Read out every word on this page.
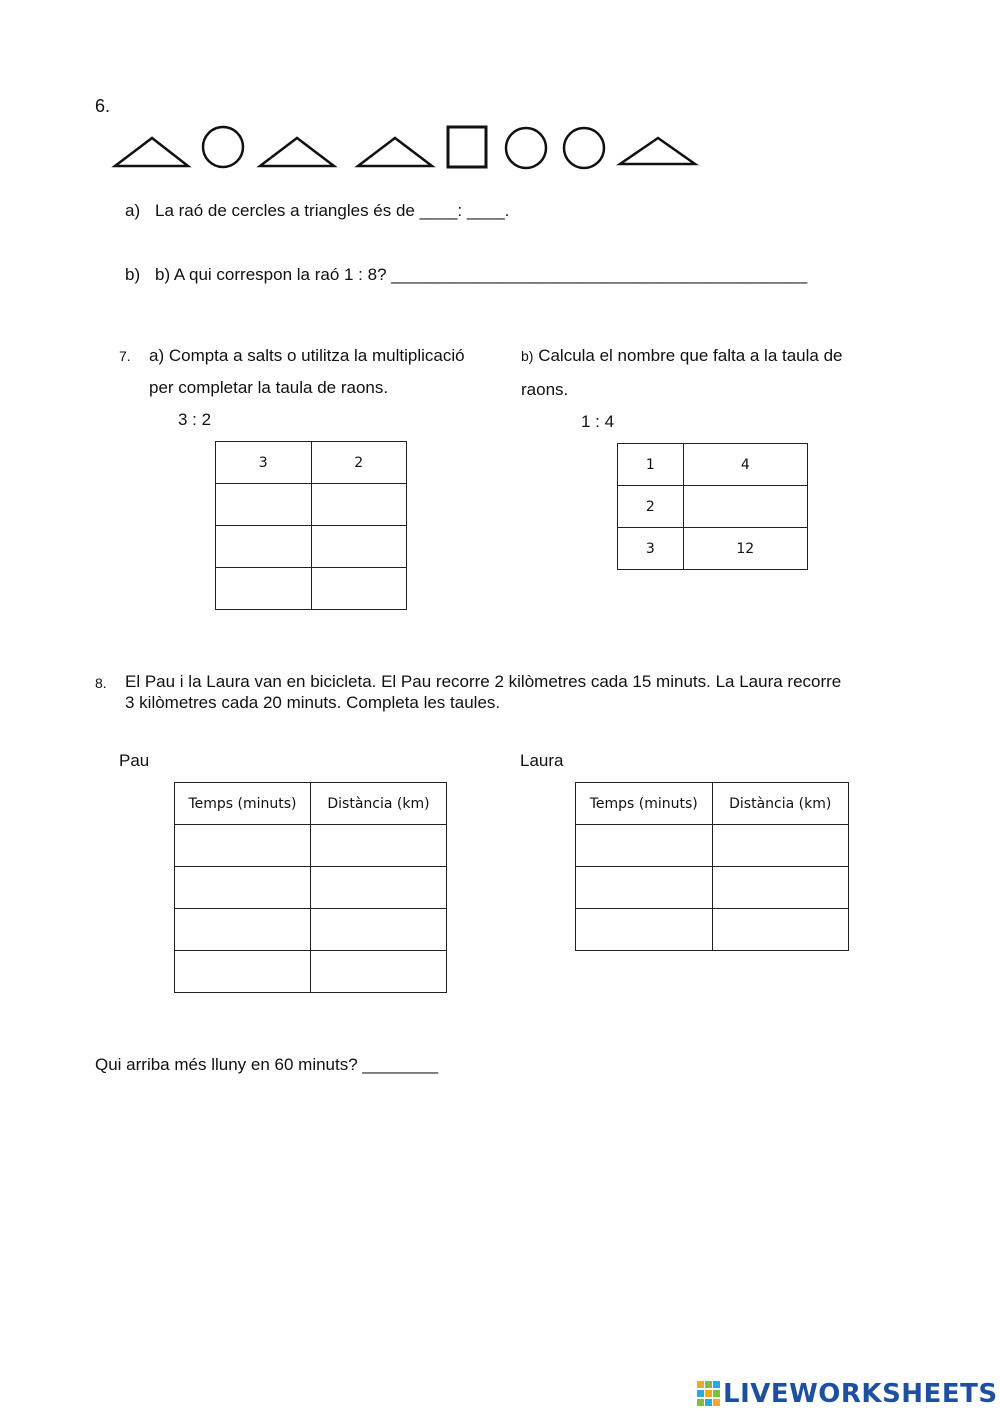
6.
a) La raó de cercles a triangles és de ____: ____.
b) b) A qui correspon la raó 1 : 8? ____________________________________________
7. a) Compta a salts o utilitza la multiplicació
per completar la taula de raons.
3 : 2
3	2

b) Calcula el nombre que falta a la taula de
raons.
1 : 4
1	4
2	
3	12
8. El Pau i la Laura van en bicicleta. El Pau recorre 2 kilòmetres cada 15 minuts. La Laura recorre
3 kilòmetres cada 20 minuts. Completa les taules.
Pau	Laura
Temps (minuts)	Distància (km)

		Temps (minuts)	Distància (km)

Qui arriba més lluny en 60 minuts? ________
LIVEWORKSHEETS
